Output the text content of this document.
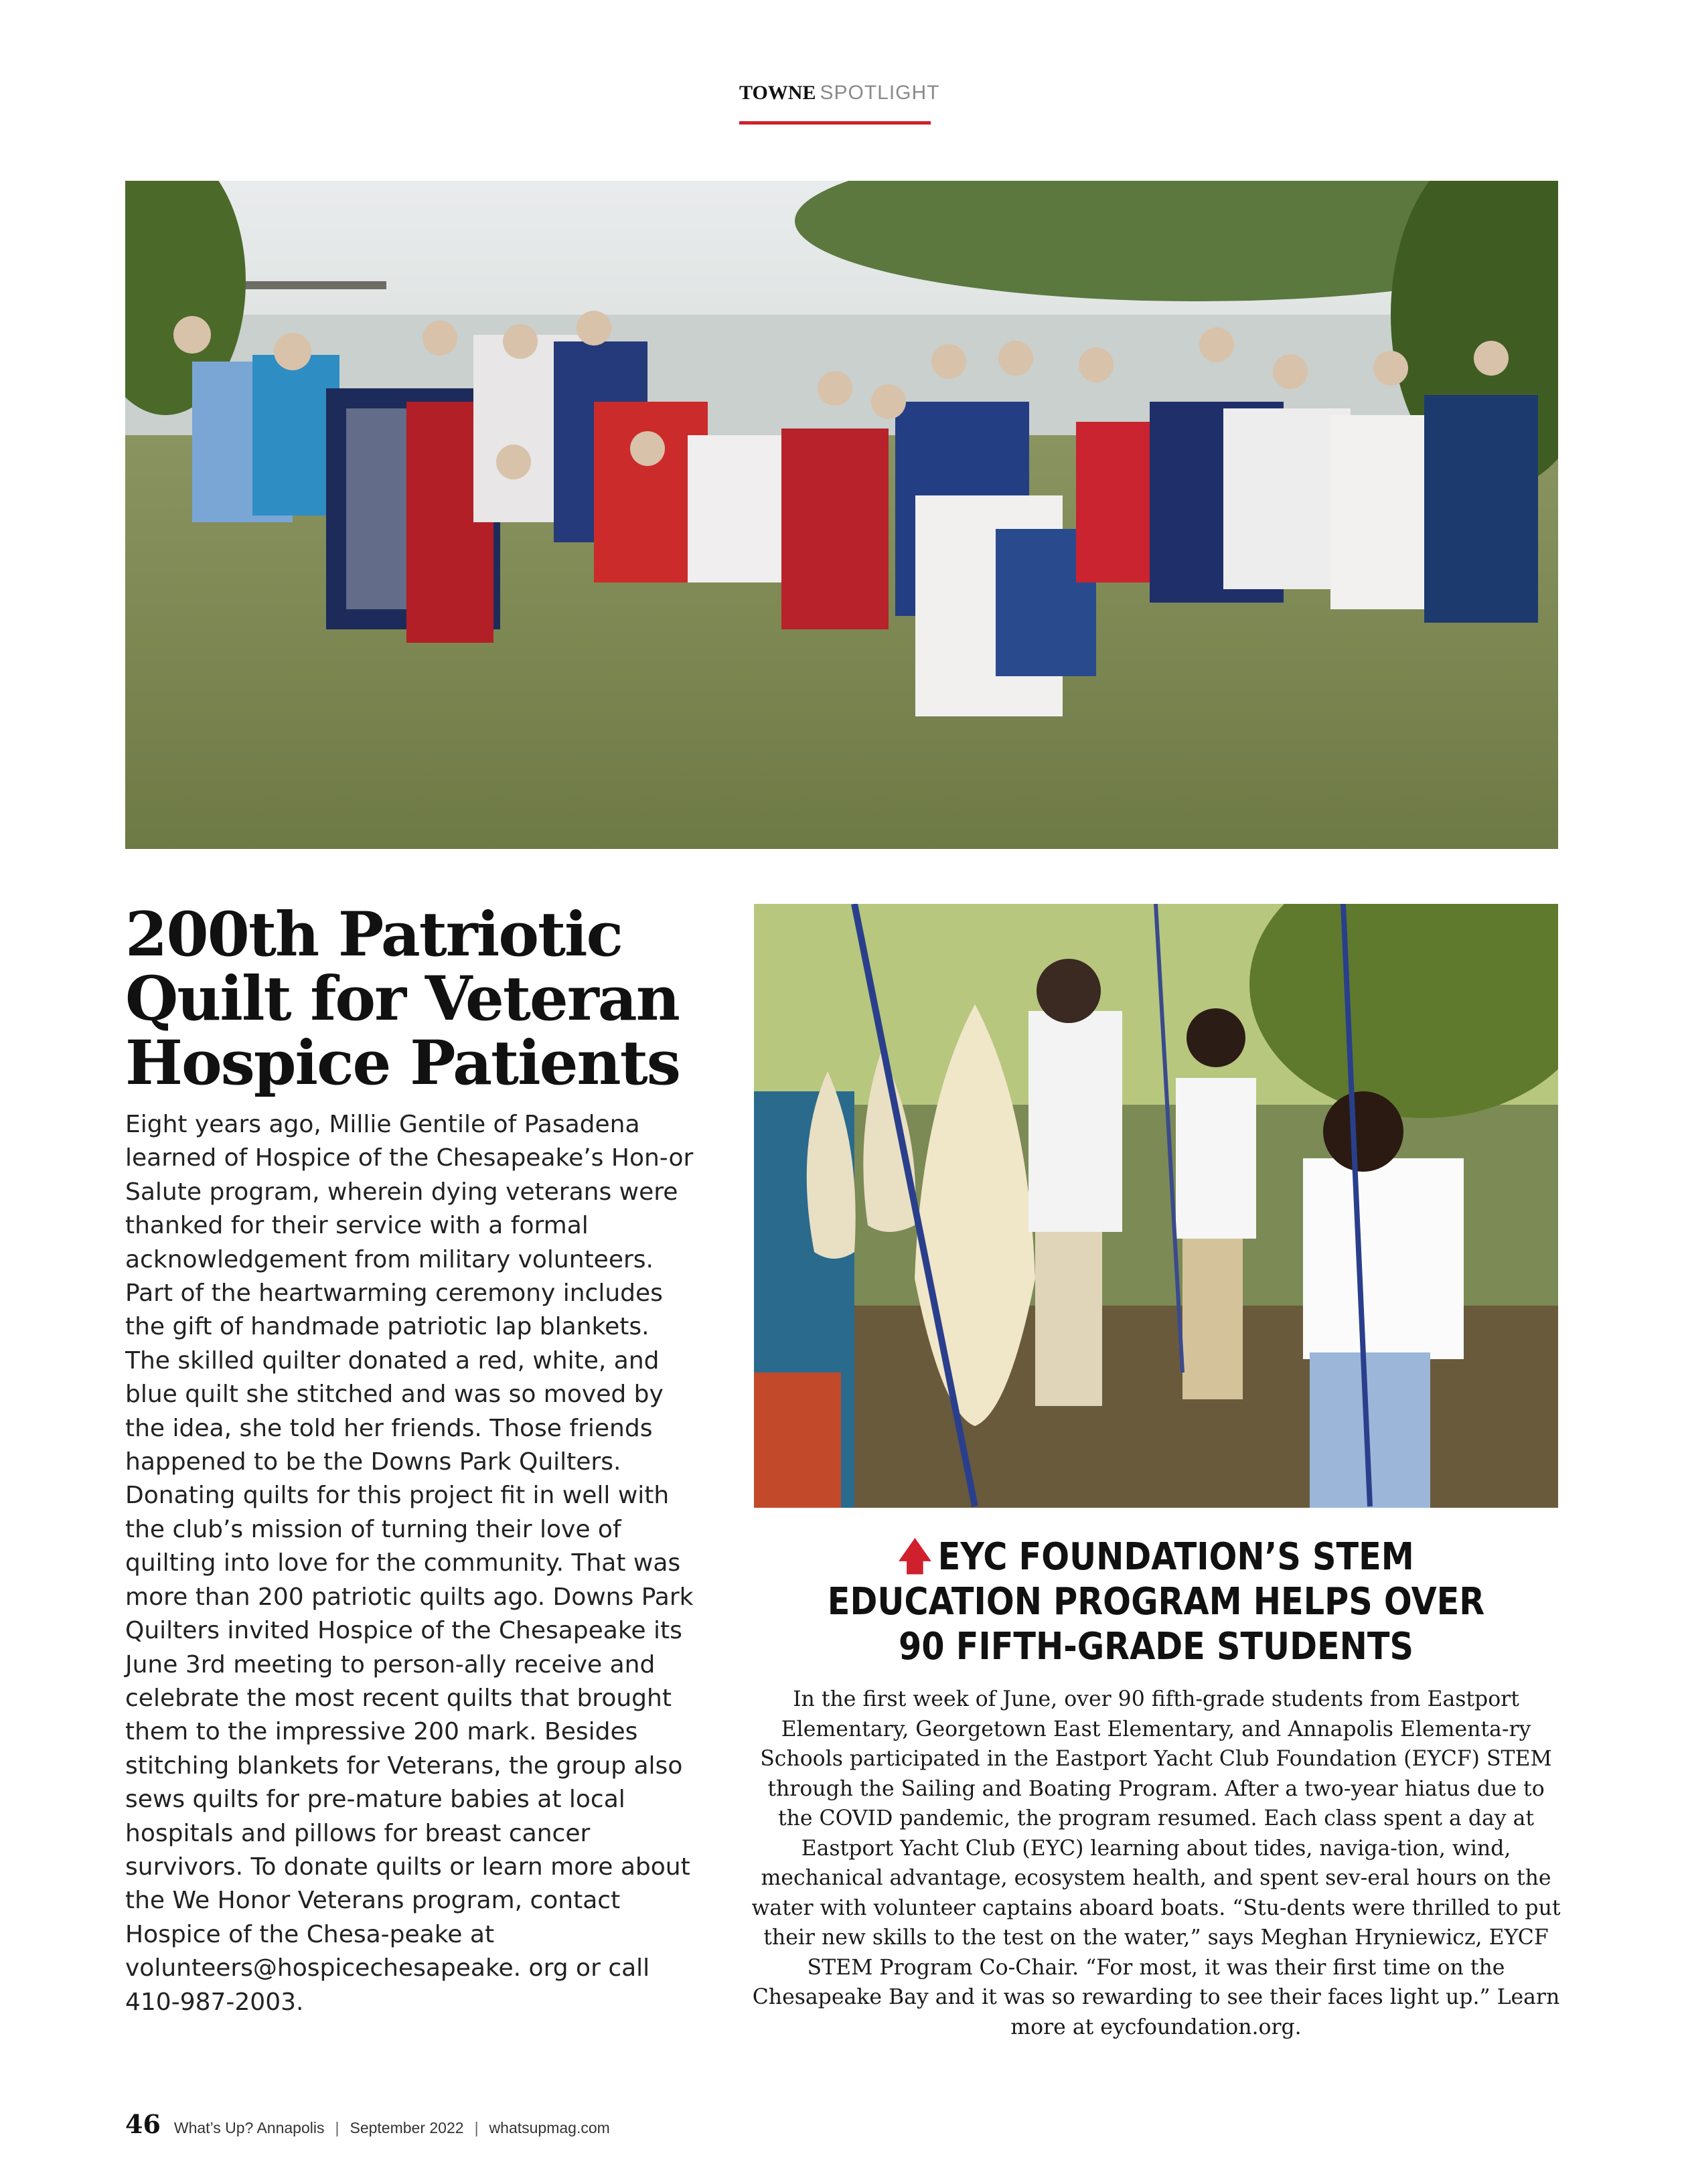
TOWNE SPOTLIGHT
200th Patriotic Quilt for Veteran Hospice Patients

Eight years ago, Millie Gentile of Pasadena learned of Hospice of the Chesapeake’s Hon-or Salute program, wherein dying veterans were thanked for their service with a formal acknowledgement from military volunteers. Part of the heartwarming ceremony includes the gift of handmade patriotic lap blankets. The skilled quilter donated a red, white, and blue quilt she stitched and was so moved by the idea, she told her friends. Those friends happened to be the Downs Park Quilters. Donating quilts for this project fit in well with the club’s mission of turning their love of quilting into love for the community. That was more than 200 patriotic quilts ago. Downs Park Quilters invited Hospice of the Chesapeake its June 3rd meeting to person-ally receive and celebrate the most recent quilts that brought them to the impressive 200 mark. Besides stitching blankets for Veterans, the group also sews quilts for pre-mature babies at local hospitals and pillows for breast cancer survivors. To donate quilts or learn more about the We Honor Veterans program, contact Hospice of the Chesa-peake at volunteers@hospicechesapeake. org or call 410-987-2003.

🡅 EYC FOUNDATION’S STEM EDUCATION PROGRAM HELPS OVER 90 FIFTH-GRADE STUDENTS

In the first week of June, over 90 fifth-grade students from Eastport Elementary, Georgetown East Elementary, and Annapolis Elementa-ry Schools participated in the Eastport Yacht Club Foundation (EYCF) STEM through the Sailing and Boating Program. After a two-year hiatus due to the COVID pandemic, the program resumed. Each class spent a day at Eastport Yacht Club (EYC) learning about tides, naviga-tion, wind, mechanical advantage, ecosystem health, and spent sev-eral hours on the water with volunteer captains aboard boats. “Stu-dents were thrilled to put their new skills to the test on the water,” says Meghan Hryniewicz, EYCF STEM Program Co-Chair. “For most, it was their first time on the Chesapeake Bay and it was so rewarding to see their faces light up.” Learn more at eycfoundation.org.

46 What’s Up? Annapolis | September 2022 | whatsupmag.com
